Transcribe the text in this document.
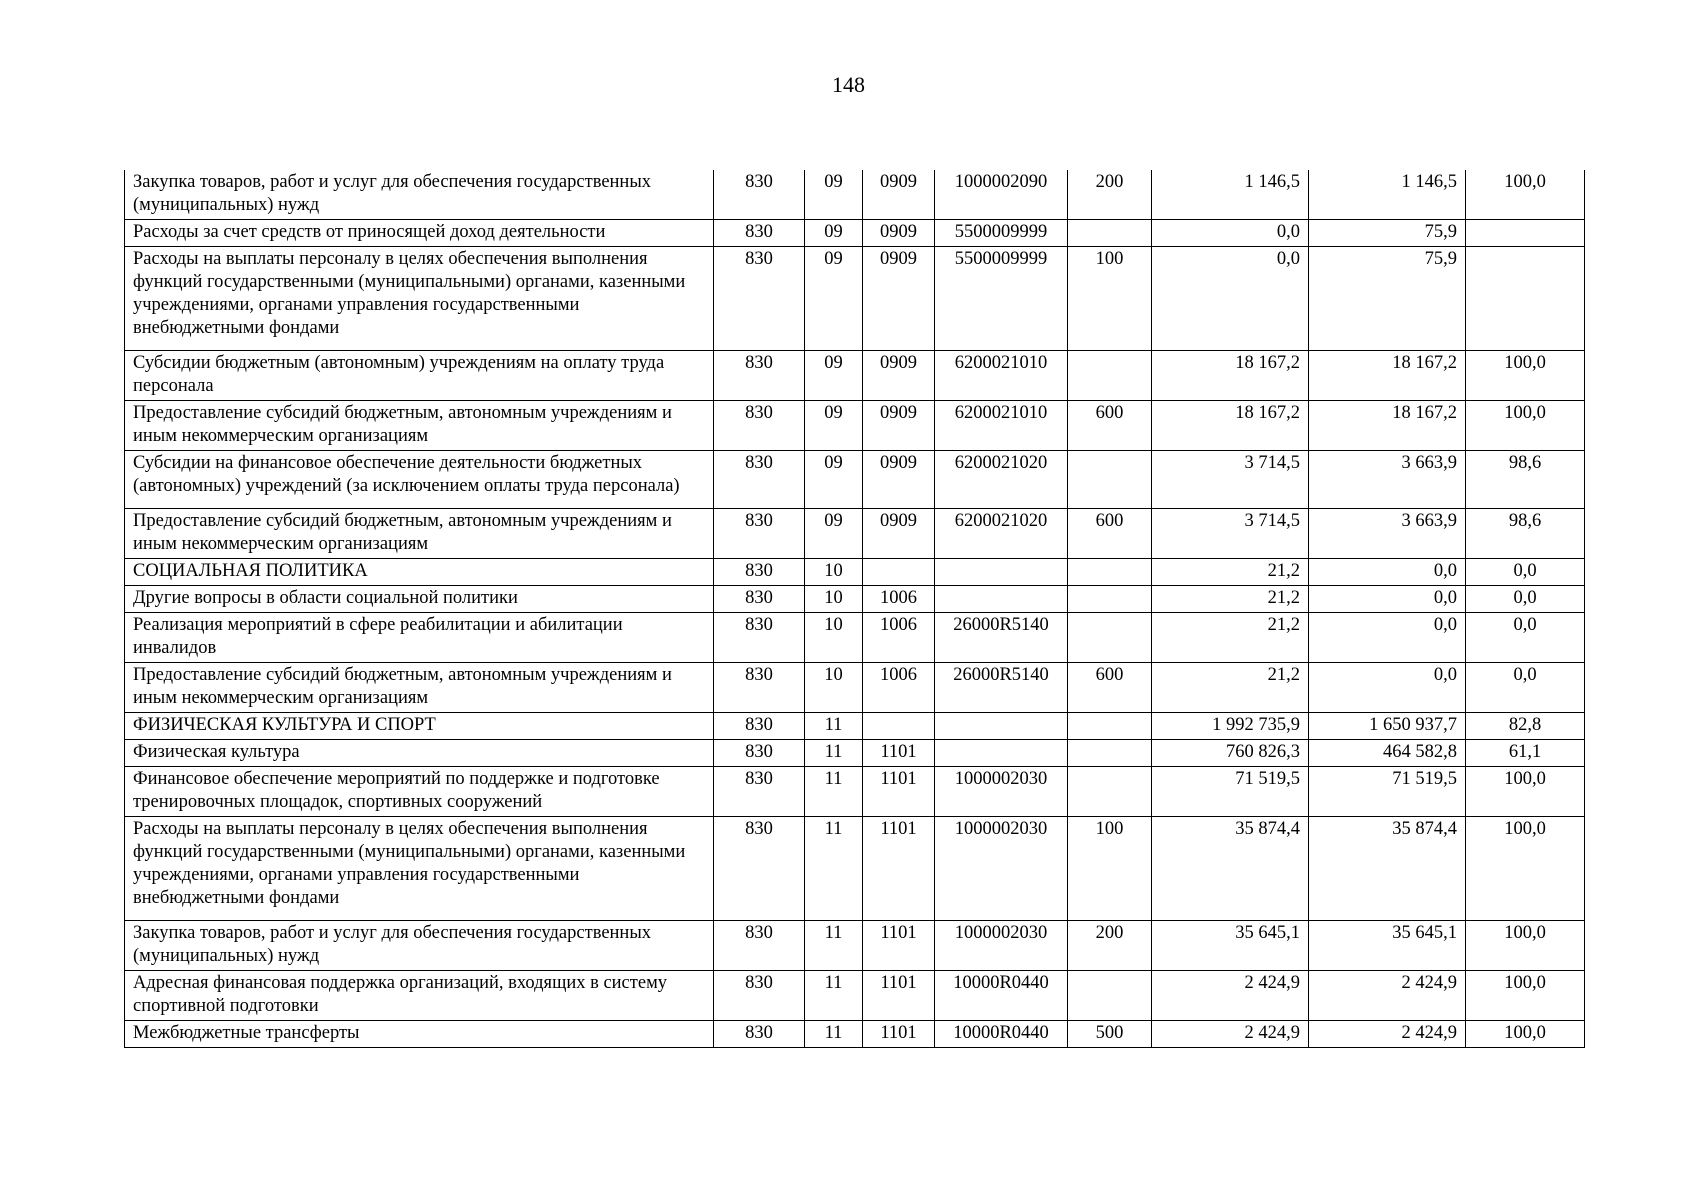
148
Закупка товаров, работ и услуг для обеспечения государственных (муниципальных) нужд	830	09	0909	1000002090	200	1 146,5	1 146,5	100,0
Расходы за счет средств от приносящей доход деятельности	830	09	0909	5500009999		0,0	75,9	
Расходы на выплаты персоналу в целях обеспечения выполнения функций государственными (муниципальными) органами, казенными учреждениями, органами управления государственными внебюджетными фондами	830	09	0909	5500009999	100	0,0	75,9	
Субсидии бюджетным (автономным) учреждениям на оплату труда персонала	830	09	0909	6200021010		18 167,2	18 167,2	100,0
Предоставление субсидий бюджетным, автономным учреждениям и иным некоммерческим организациям	830	09	0909	6200021010	600	18 167,2	18 167,2	100,0
Субсидии на финансовое обеспечение деятельности бюджетных (автономных) учреждений (за исключением оплаты труда персонала)	830	09	0909	6200021020		3 714,5	3 663,9	98,6
Предоставление субсидий бюджетным, автономным учреждениям и иным некоммерческим организациям	830	09	0909	6200021020	600	3 714,5	3 663,9	98,6
СОЦИАЛЬНАЯ ПОЛИТИКА	830	10				21,2	0,0	0,0
Другие вопросы в области социальной политики	830	10	1006			21,2	0,0	0,0
Реализация мероприятий в сфере реабилитации и абилитации инвалидов	830	10	1006	26000R5140		21,2	0,0	0,0
Предоставление субсидий бюджетным, автономным учреждениям и иным некоммерческим организациям	830	10	1006	26000R5140	600	21,2	0,0	0,0
ФИЗИЧЕСКАЯ КУЛЬТУРА И СПОРТ	830	11				1 992 735,9	1 650 937,7	82,8
Физическая культура	830	11	1101			760 826,3	464 582,8	61,1
Финансовое обеспечение мероприятий по поддержке и подготовке тренировочных площадок, спортивных сооружений	830	11	1101	1000002030		71 519,5	71 519,5	100,0
Расходы на выплаты персоналу в целях обеспечения выполнения функций государственными (муниципальными) органами, казенными учреждениями, органами управления государственными внебюджетными фондами	830	11	1101	1000002030	100	35 874,4	35 874,4	100,0
Закупка товаров, работ и услуг для обеспечения государственных (муниципальных) нужд	830	11	1101	1000002030	200	35 645,1	35 645,1	100,0
Адресная финансовая поддержка организаций, входящих в систему спортивной подготовки	830	11	1101	10000R0440		2 424,9	2 424,9	100,0
Межбюджетные трансферты	830	11	1101	10000R0440	500	2 424,9	2 424,9	100,0
